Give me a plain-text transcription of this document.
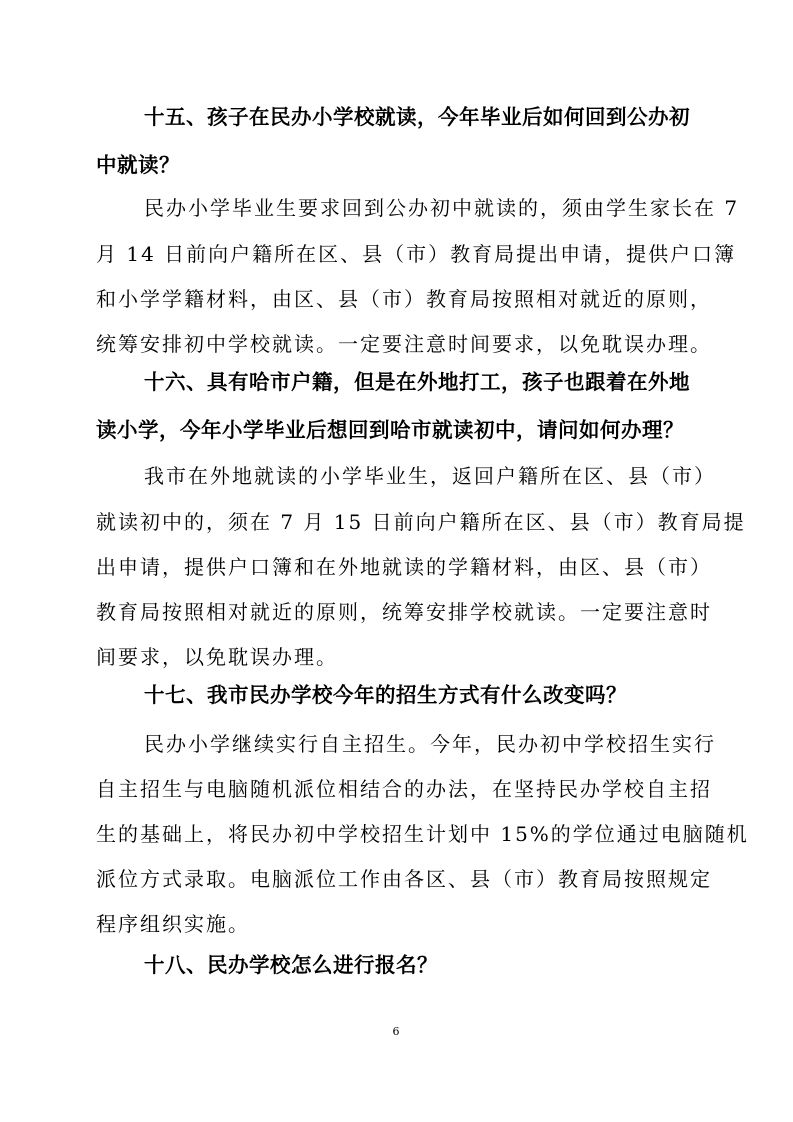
十五、孩子在民办小学校就读，今年毕业后如何回到公办初
中就读？
民办小学毕业生要求回到公办初中就读的，须由学生家长在 7
月 14 日前向户籍所在区、县（市）教育局提出申请，提供户口簿
和小学学籍材料，由区、县（市）教育局按照相对就近的原则，
统筹安排初中学校就读。一定要注意时间要求，以免耽误办理。
十六、具有哈市户籍，但是在外地打工，孩子也跟着在外地
读小学，今年小学毕业后想回到哈市就读初中，请问如何办理？
我市在外地就读的小学毕业生，返回户籍所在区、县（市）
就读初中的，须在 7 月 15 日前向户籍所在区、县（市）教育局提
出申请，提供户口簿和在外地就读的学籍材料，由区、县（市）
教育局按照相对就近的原则，统筹安排学校就读。一定要注意时
间要求，以免耽误办理。
十七、我市民办学校今年的招生方式有什么改变吗？
民办小学继续实行自主招生。今年，民办初中学校招生实行
自主招生与电脑随机派位相结合的办法，在坚持民办学校自主招
生的基础上，将民办初中学校招生计划中 15%的学位通过电脑随机
派位方式录取。电脑派位工作由各区、县（市）教育局按照规定
程序组织实施。
十八、民办学校怎么进行报名？
6
